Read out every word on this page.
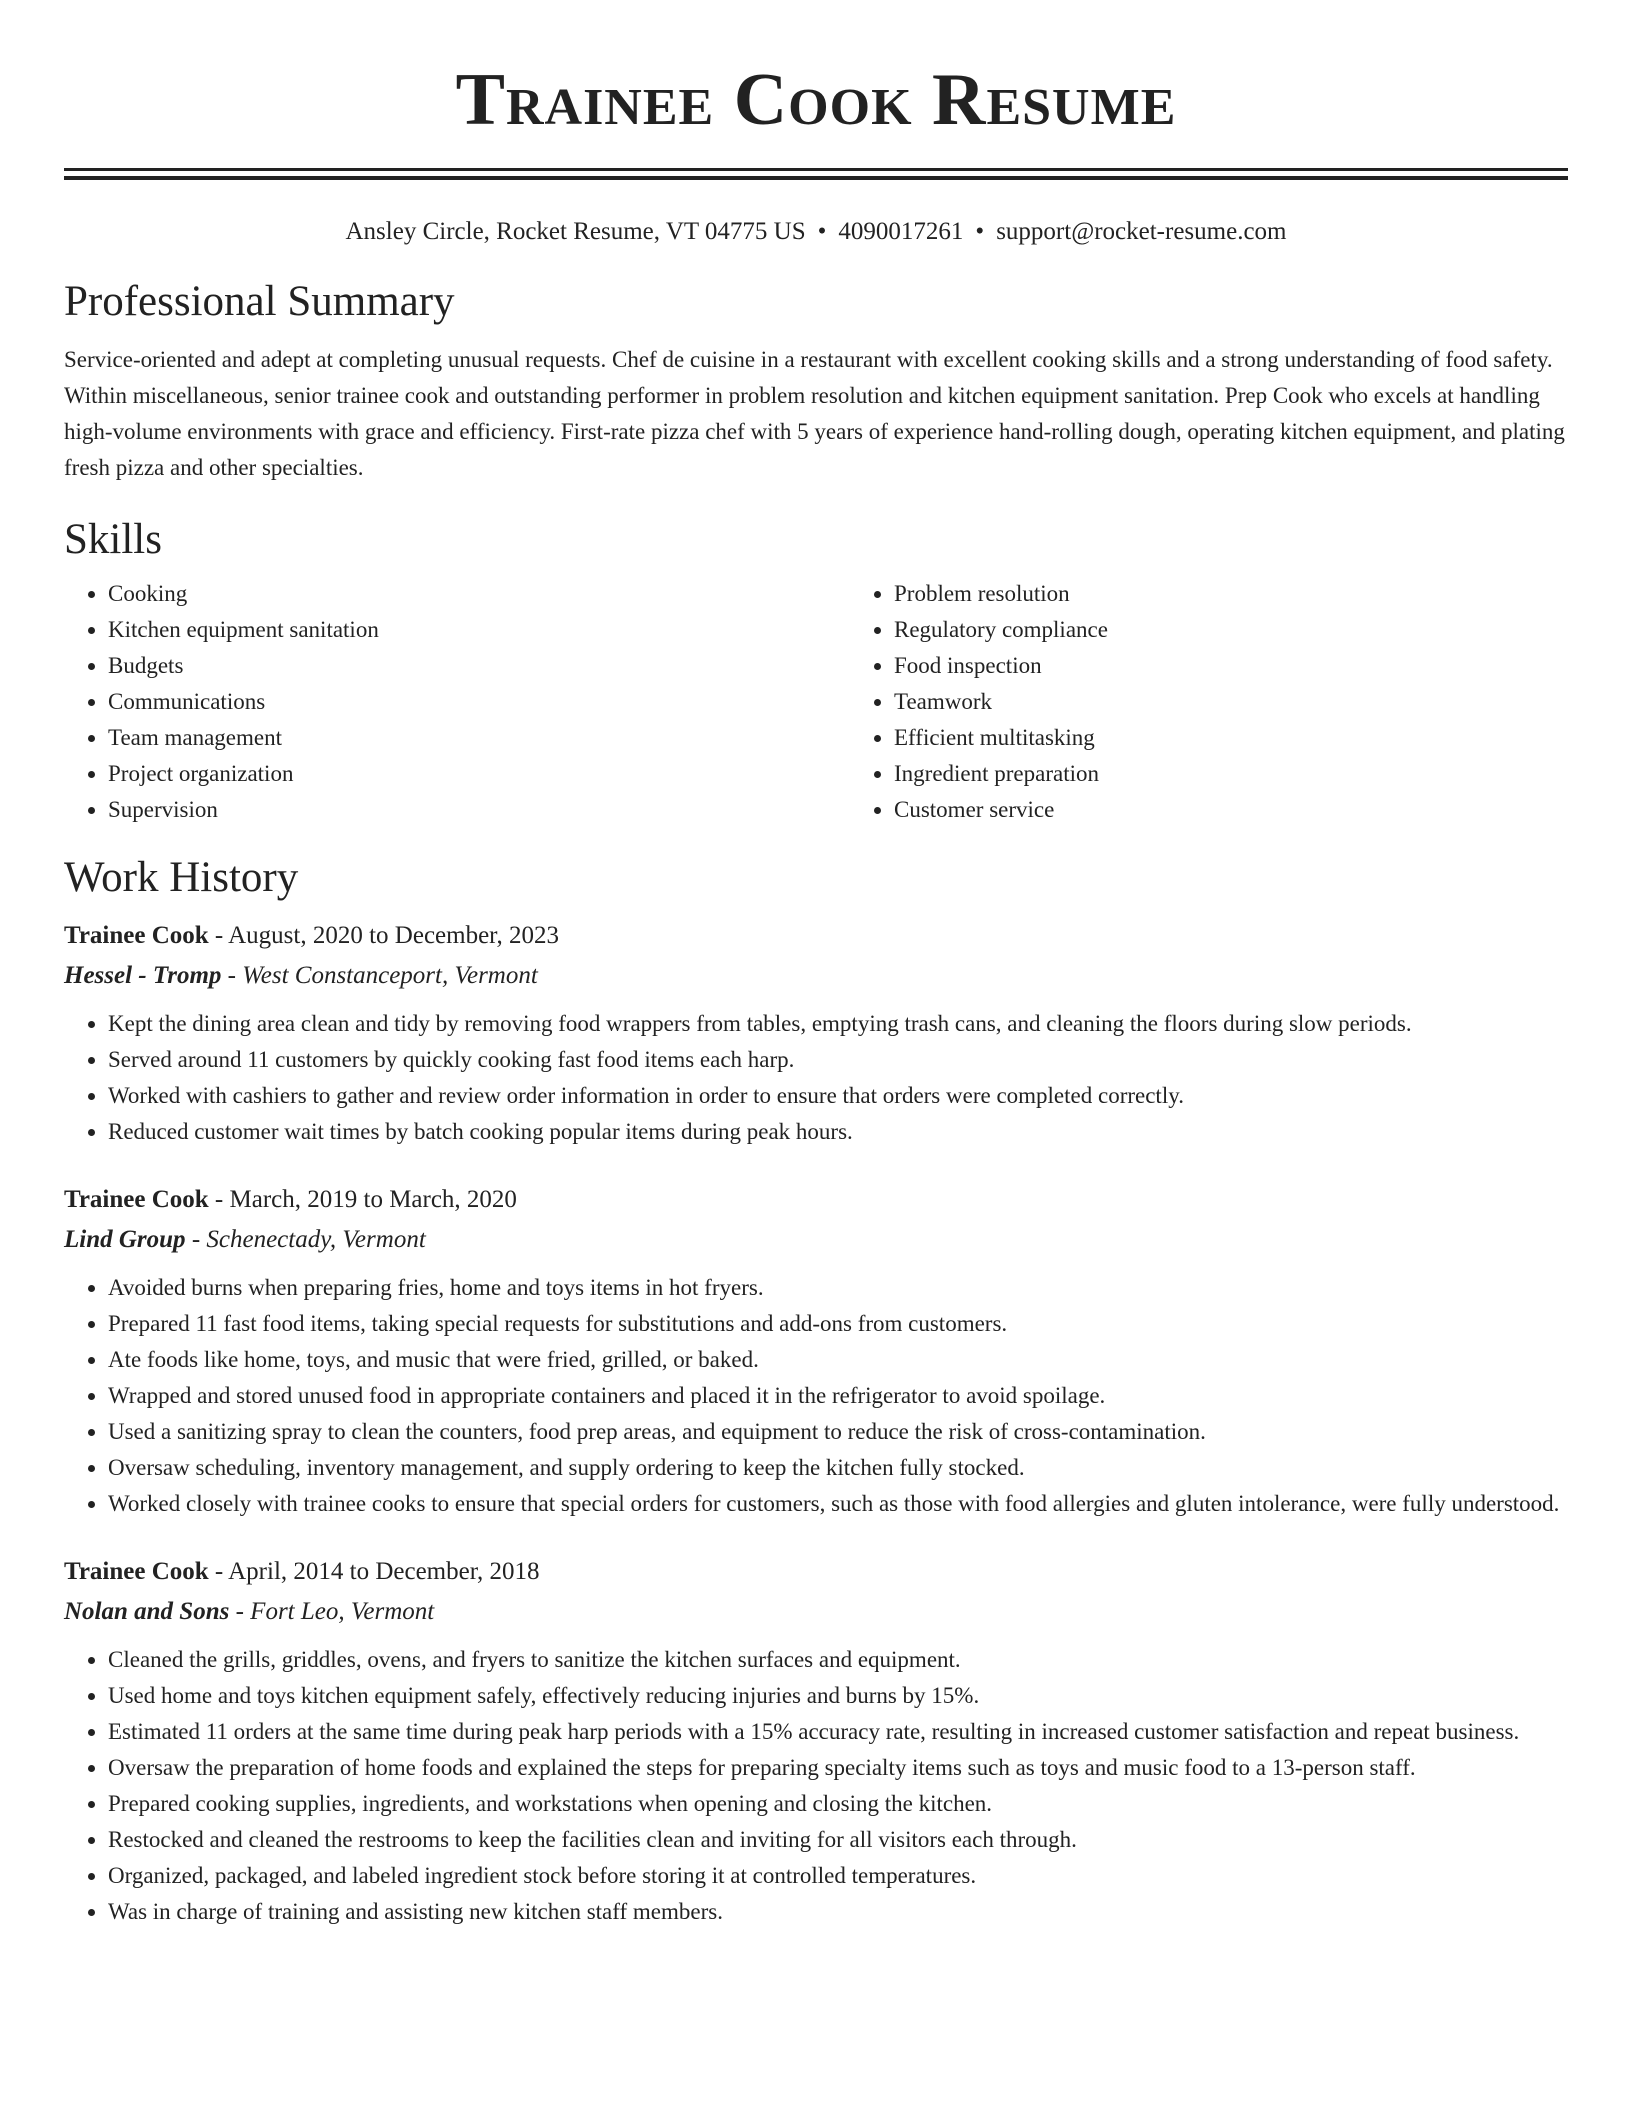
Trainee Cook Resume
Ansley Circle, Rocket Resume, VT 04775 US • 4090017261 • support@rocket-resume.com
Professional Summary

Service-oriented and adept at completing unusual requests. Chef de cuisine in a restaurant with excellent cooking skills and a strong understanding of food safety. Within miscellaneous, senior trainee cook and outstanding performer in problem resolution and kitchen equipment sanitation. Prep Cook who excels at handling high-volume environments with grace and efficiency. First-rate pizza chef with 5 years of experience hand-rolling dough, operating kitchen equipment, and plating fresh pizza and other specialties.

Skills
• Cooking
• Kitchen equipment sanitation
• Budgets
• Communications
• Team management
• Project organization
• Supervision
• Problem resolution
• Regulatory compliance
• Food inspection
• Teamwork
• Efficient multitasking
• Ingredient preparation
• Customer service
Work History

Trainee Cook - August, 2020 to December, 2023

Hessel - Tromp - West Constanceport, Vermont

• Kept the dining area clean and tidy by removing food wrappers from tables, emptying trash cans, and cleaning the floors during slow periods.
• Served around 11 customers by quickly cooking fast food items each harp.
• Worked with cashiers to gather and review order information in order to ensure that orders were completed correctly.
• Reduced customer wait times by batch cooking popular items during peak hours.

Trainee Cook - March, 2019 to March, 2020

Lind Group - Schenectady, Vermont

• Avoided burns when preparing fries, home and toys items in hot fryers.
• Prepared 11 fast food items, taking special requests for substitutions and add-ons from customers.
• Ate foods like home, toys, and music that were fried, grilled, or baked.
• Wrapped and stored unused food in appropriate containers and placed it in the refrigerator to avoid spoilage.
• Used a sanitizing spray to clean the counters, food prep areas, and equipment to reduce the risk of cross-contamination.
• Oversaw scheduling, inventory management, and supply ordering to keep the kitchen fully stocked.
• Worked closely with trainee cooks to ensure that special orders for customers, such as those with food allergies and gluten intolerance, were fully understood.

Trainee Cook - April, 2014 to December, 2018

Nolan and Sons - Fort Leo, Vermont

• Cleaned the grills, griddles, ovens, and fryers to sanitize the kitchen surfaces and equipment.
• Used home and toys kitchen equipment safely, effectively reducing injuries and burns by 15%.
• Estimated 11 orders at the same time during peak harp periods with a 15% accuracy rate, resulting in increased customer satisfaction and repeat business.
• Oversaw the preparation of home foods and explained the steps for preparing specialty items such as toys and music food to a 13-person staff.
• Prepared cooking supplies, ingredients, and workstations when opening and closing the kitchen.
• Restocked and cleaned the restrooms to keep the facilities clean and inviting for all visitors each through.
• Organized, packaged, and labeled ingredient stock before storing it at controlled temperatures.
• Was in charge of training and assisting new kitchen staff members.
